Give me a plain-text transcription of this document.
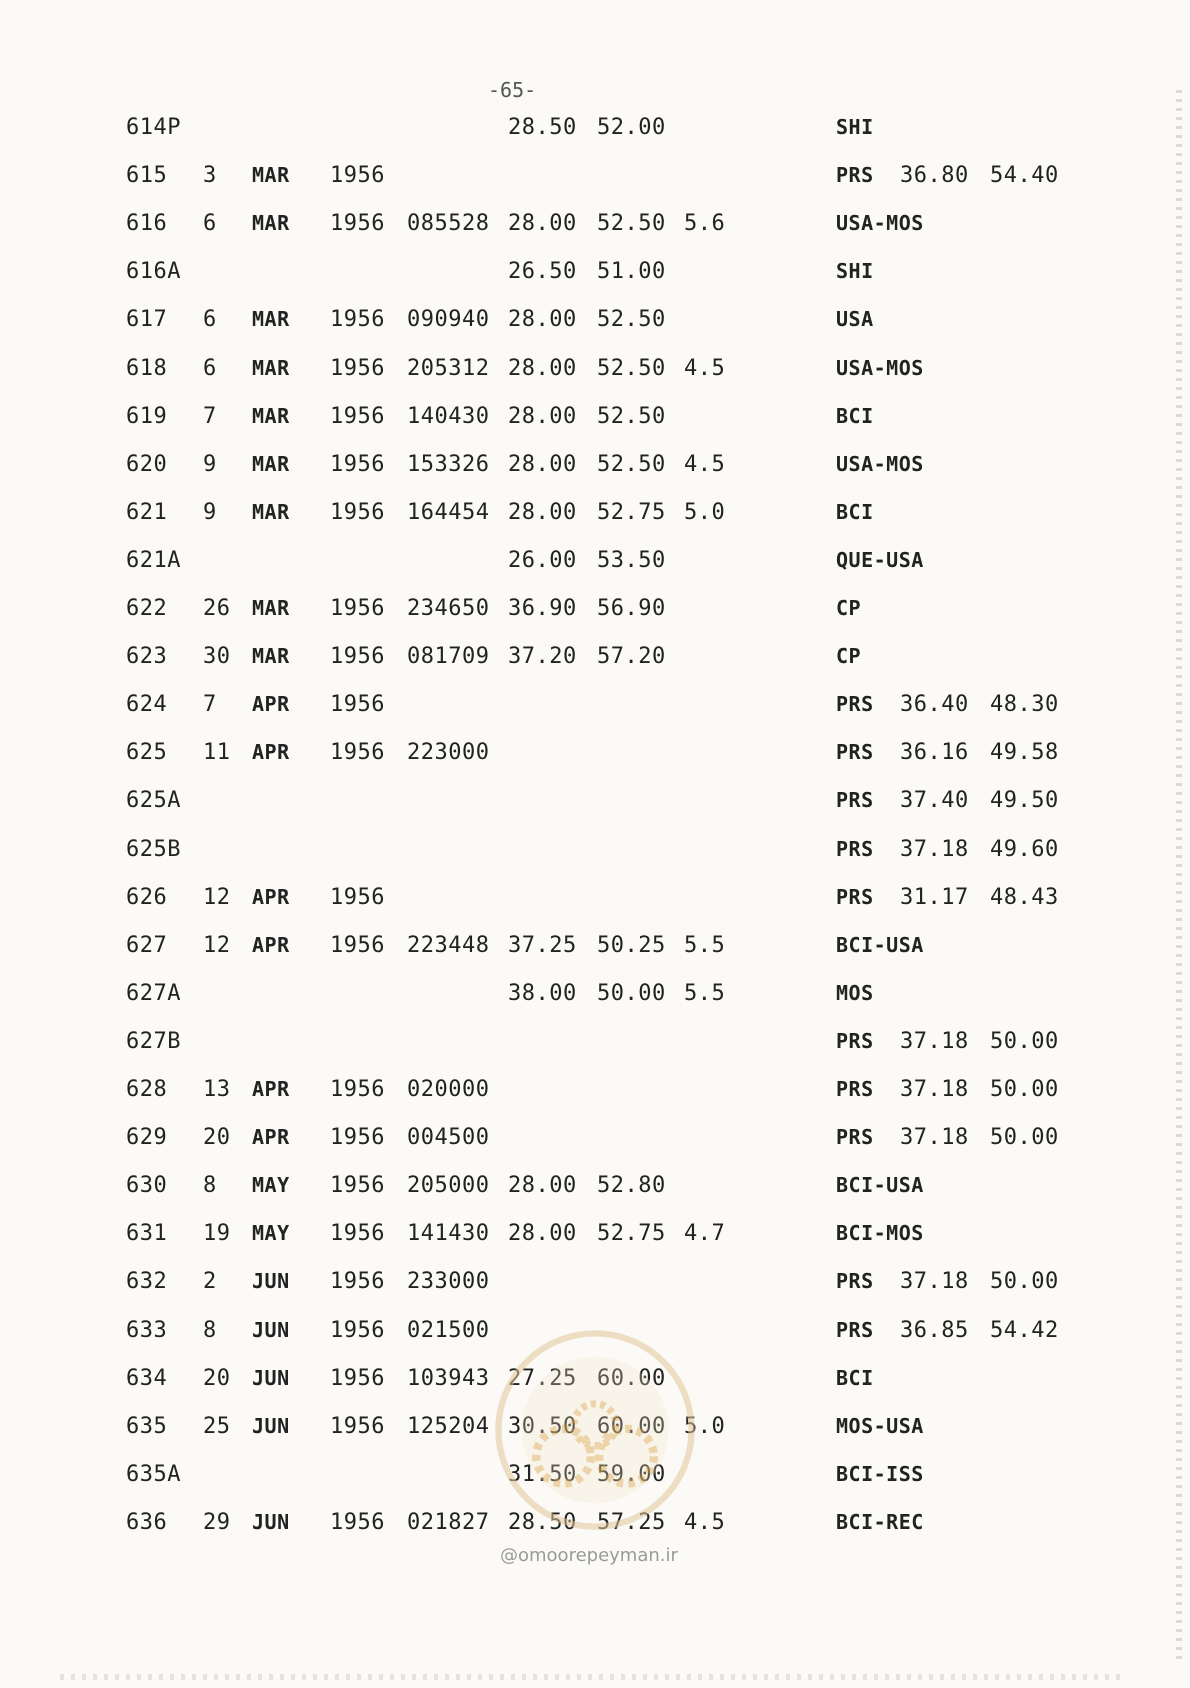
-65-
614P	28.50 52.00	SHI
615 3 MAR 1956	PRS 36.80 54.40
616 6 MAR 1956 085528 28.00 52.50 5.6	USA-MOS
616A	26.50 51.00	SHI
617 6 MAR 1956 090940 28.00 52.50	USA
618 6 MAR 1956 205312 28.00 52.50 4.5	USA-MOS
619 7 MAR 1956 140430 28.00 52.50	BCI
620 9 MAR 1956 153326 28.00 52.50 4.5	USA-MOS
621 9 MAR 1956 164454 28.00 52.75 5.0	BCI
621A	26.00 53.50	QUE-USA
622 26 MAR 1956 234650 36.90 56.90	CP
623 30 MAR 1956 081709 37.20 57.20	CP
624 7 APR 1956	PRS 36.40 48.30
625 11 APR 1956 223000	PRS 36.16 49.58
625A	PRS 37.40 49.50
625B	PRS 37.18 49.60
626 12 APR 1956	PRS 31.17 48.43
627 12 APR 1956 223448 37.25 50.25 5.5	BCI-USA
627A	38.00 50.00 5.5	MOS
627B	PRS 37.18 50.00
628 13 APR 1956 020000	PRS 37.18 50.00
629 20 APR 1956 004500	PRS 37.18 50.00
630 8 MAY 1956 205000 28.00 52.80	BCI-USA
631 19 MAY 1956 141430 28.00 52.75 4.7	BCI-MOS
632 2 JUN 1956 233000	PRS 37.18 50.00
633 8 JUN 1956 021500	PRS 36.85 54.42
634 20 JUN 1956 103943 27.25 60.00	BCI
635 25 JUN 1956 125204 30.50 60.00 5.0	MOS-USA
635A	31.50 59.00	BCI-ISS
636 29 JUN 1956 021827 28.50 57.25 4.5	BCI-REC
@omoorepeyman.ir
